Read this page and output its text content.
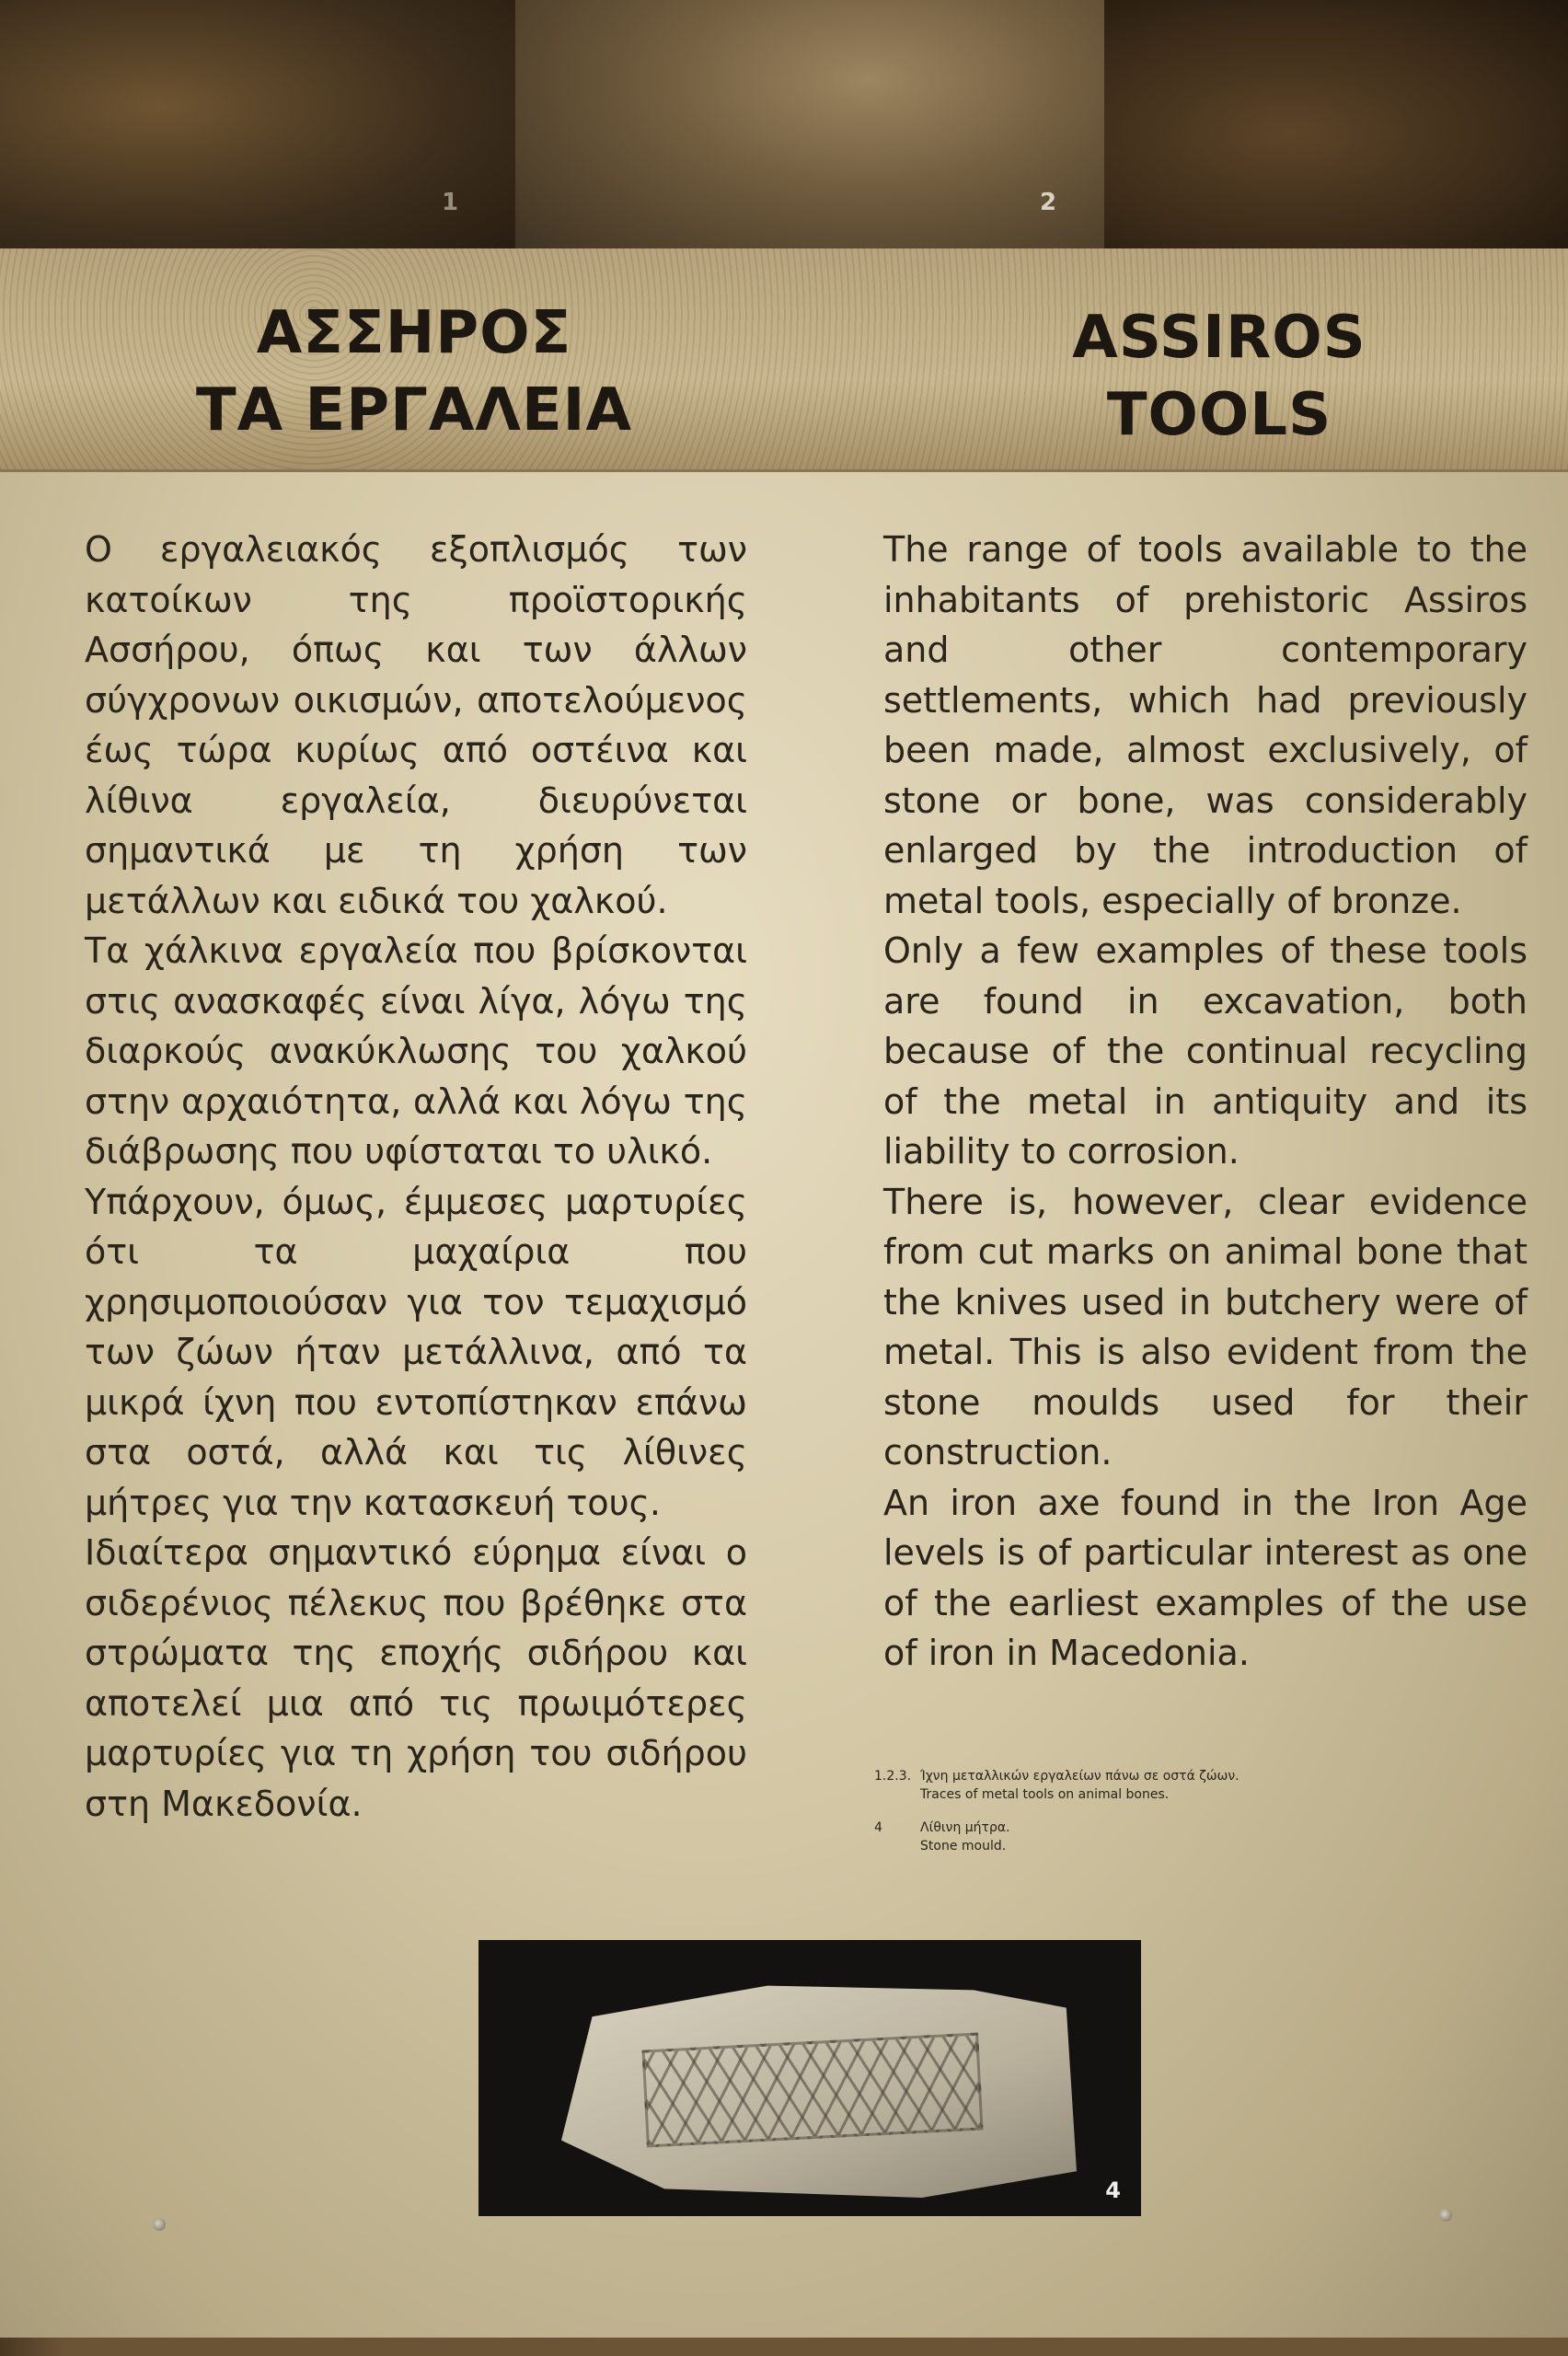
1	2
ΑΣΣΗΡΟΣ
ΤΑ ΕΡΓΑΛΕΙΑ
ASSIROS
TOOLS

Ο εργαλειακός εξοπλισμός των κατοίκων της προϊστορικής Ασσήρου, όπως και των άλλων σύγχρονων οικισμών, αποτελούμενος έως τώρα κυρίως από οστέινα και λίθινα εργαλεία, διευρύνεται σημαντικά με τη χρήση των μετάλλων και ειδικά του χαλκού.

Τα χάλκινα εργαλεία που βρίσκονται στις ανασκαφές είναι λίγα, λόγω της διαρκούς ανακύκλωσης του χαλκού στην αρχαιότητα, αλλά και λόγω της διάβρωσης που υφίσταται το υλικό.

Υπάρχουν, όμως, έμμεσες μαρτυρίες ότι τα μαχαίρια που χρησιμοποιούσαν για τον τεμαχισμό των ζώων ήταν μετάλλινα, από τα μικρά ίχνη που εντοπίστηκαν επάνω στα οστά, αλλά και τις λίθινες μήτρες για την κατασκευή τους.

Ιδιαίτερα σημαντικό εύρημα είναι ο σιδερένιος πέλεκυς που βρέθηκε στα στρώματα της εποχής σιδήρου και αποτελεί μια από τις πρωιμότερες μαρτυρίες για τη χρήση του σιδήρου στη Μακεδονία.

The range of tools available to the inhabitants of prehistoric Assiros and other contemporary settlements, which had previously been made, almost exclusively, of stone or bone, was considerably enlarged by the introduction of metal tools, especially of bronze.

Only a few examples of these tools are found in excavation, both because of the continual recycling of the metal in antiquity and its liability to corrosion.

There is, however, clear evidence from cut marks on animal bone that the knives used in butchery were of metal. This is also evident from the stone moulds used for their construction.

An iron axe found in the Iron Age levels is of particular interest as one of the earliest examples of the use of iron in Macedonia.

1.2.3. Ίχνη μεταλλικών εργαλείων πάνω σε οστά ζώων.
Traces of metal tools on animal bones.
4	Λίθινη μήτρα.
Stone mould.
4
